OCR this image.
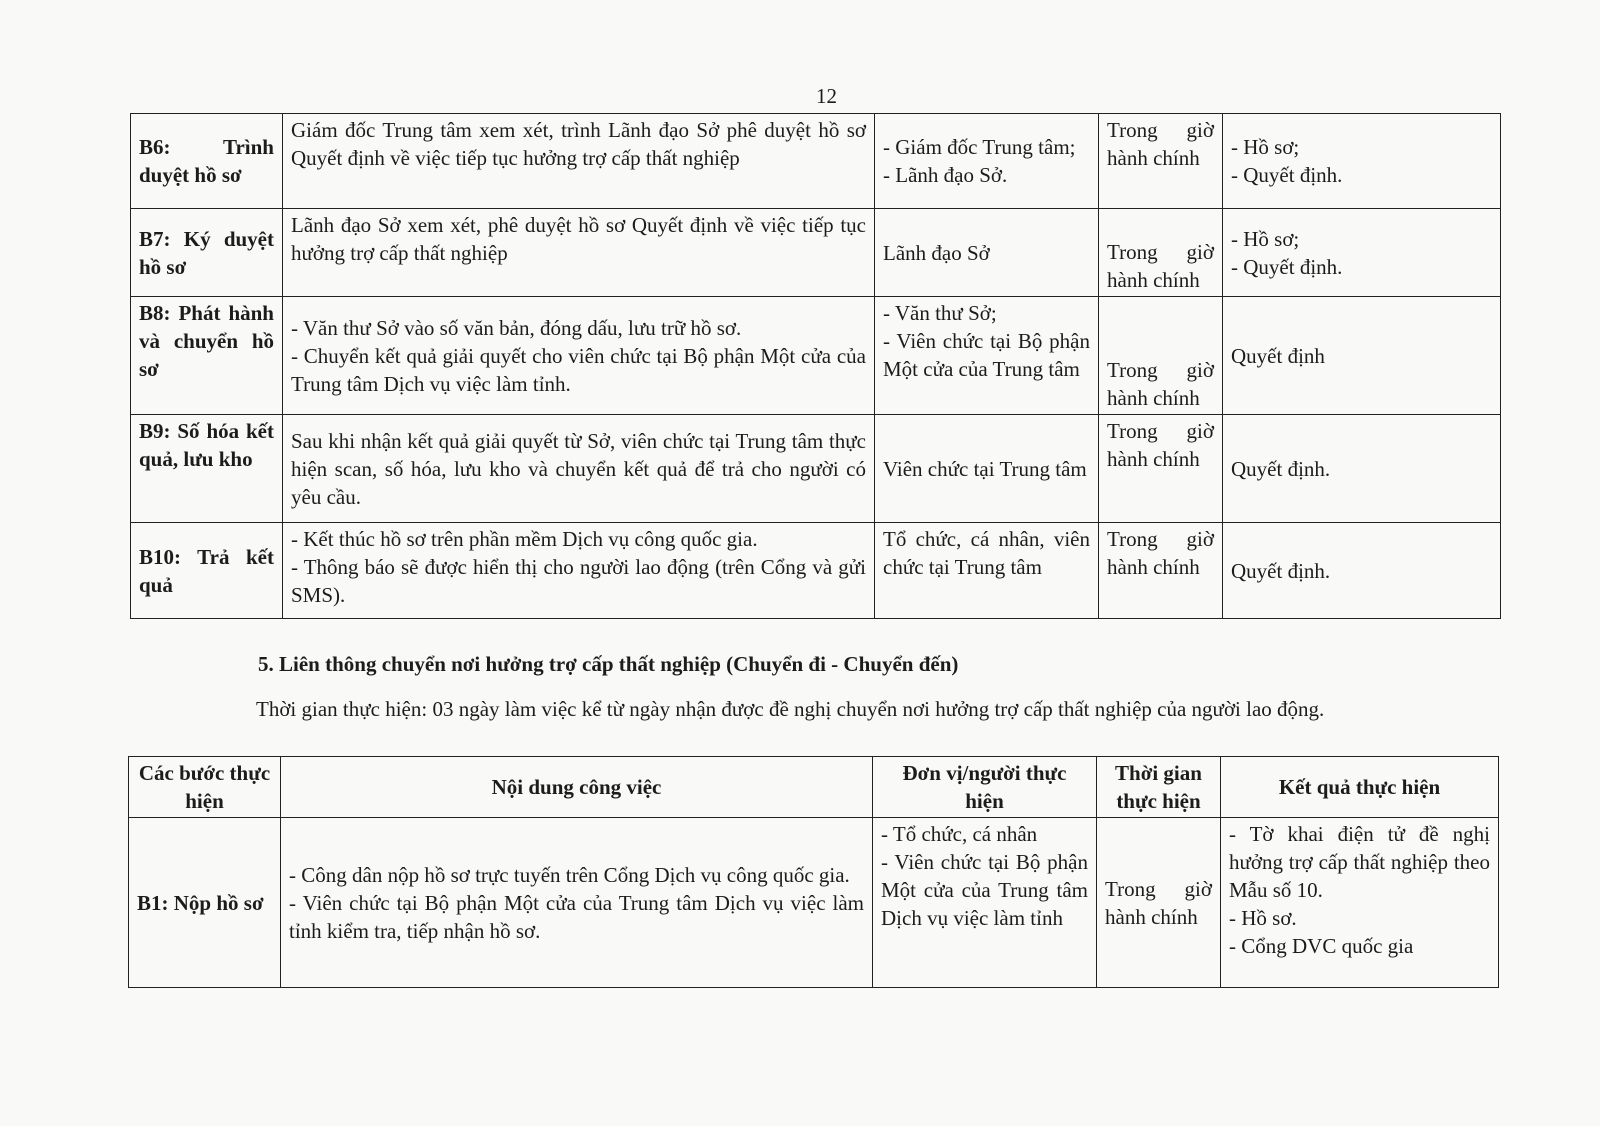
12
B6: Trình duyệt hồ sơ	Giám đốc Trung tâm xem xét, trình Lãnh đạo Sở phê duyệt hồ sơ Quyết định về việc tiếp tục hưởng trợ cấp thất nghiệp	- Giám đốc Trung tâm;
- Lãnh đạo Sở.	Trong giờ hành chính	- Hồ sơ;
- Quyết định.

B7: Ký duyệt hồ sơ	Lãnh đạo Sở xem xét, phê duyệt hồ sơ Quyết định về việc tiếp tục hưởng trợ cấp thất nghiệp	Lãnh đạo Sở	Trong giờ hành chính	- Hồ sơ;
- Quyết định.

B8: Phát hành và chuyển hồ sơ	- Văn thư Sở vào số văn bản, đóng dấu, lưu trữ hồ sơ.
- Chuyển kết quả giải quyết cho viên chức tại Bộ phận Một cửa của Trung tâm Dịch vụ việc làm tỉnh.	- Văn thư Sở;
- Viên chức tại Bộ phận Một cửa của Trung tâm	Trong giờ hành chính	Quyết định

B9: Số hóa kết quả, lưu kho	Sau khi nhận kết quả giải quyết từ Sở, viên chức tại Trung tâm thực hiện scan, số hóa, lưu kho và chuyển kết quả để trả cho người có yêu cầu.	Viên chức tại Trung tâm	Trong giờ hành chính	Quyết định.

B10: Trả kết quả	- Kết thúc hồ sơ trên phần mềm Dịch vụ công quốc gia.
- Thông báo sẽ được hiển thị cho người lao động (trên Cổng và gửi SMS).	Tổ chức, cá nhân, viên chức tại Trung tâm	Trong giờ hành chính	Quyết định.
5. Liên thông chuyển nơi hưởng trợ cấp thất nghiệp (Chuyển đi - Chuyển đến)
Thời gian thực hiện: 03 ngày làm việc kể từ ngày nhận được đề nghị chuyển nơi hưởng trợ cấp thất nghiệp của người lao động.
Các bước thực hiện	Nội dung công việc	Đơn vị/người thực hiện	Thời gian thực hiện	Kết quả thực hiện
B1: Nộp hồ sơ	- Công dân nộp hồ sơ trực tuyến trên Cổng Dịch vụ công quốc gia.
- Viên chức tại Bộ phận Một cửa của Trung tâm Dịch vụ việc làm tỉnh kiểm tra, tiếp nhận hồ sơ.	- Tổ chức, cá nhân
- Viên chức tại Bộ phận Một cửa của Trung tâm Dịch vụ việc làm tỉnh	Trong giờ hành chính	- Tờ khai điện tử đề nghị hưởng trợ cấp thất nghiệp theo Mẫu số 10.
- Hồ sơ.
- Cổng DVC quốc gia
